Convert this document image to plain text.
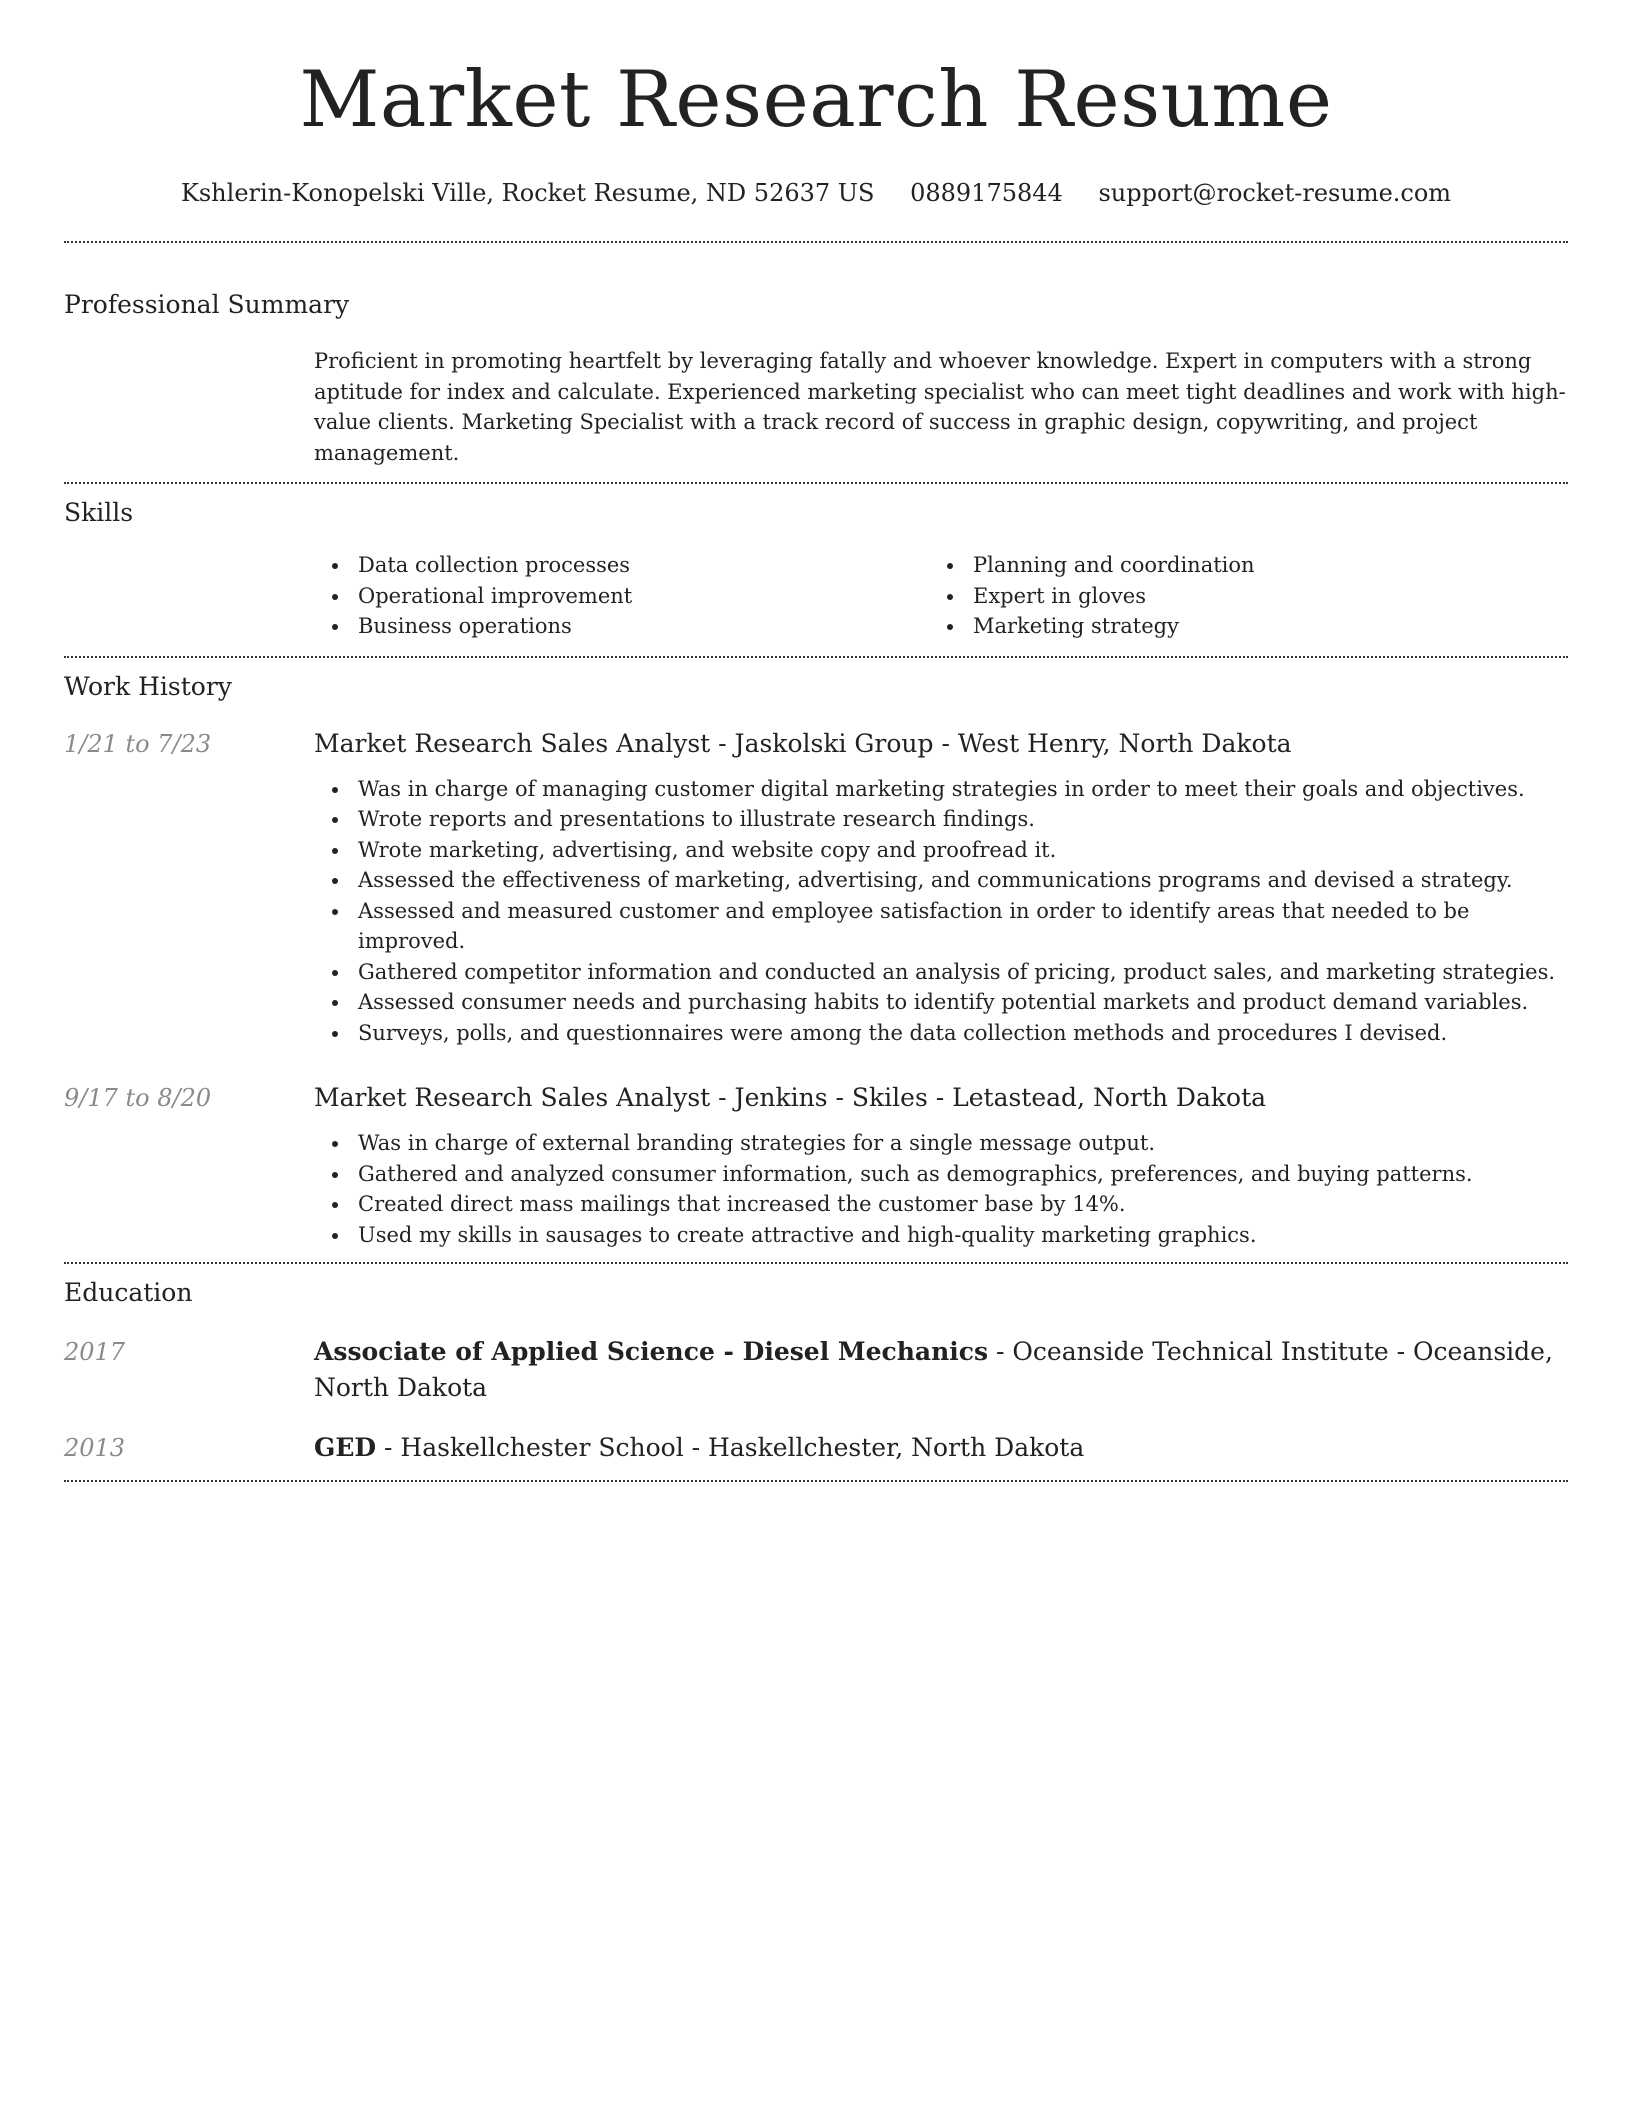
Market Research Resume
Kshlerin-Konopelski Ville, Rocket Resume, ND 52637 US 0889175844 support@rocket-resume.com
Professional Summary

Proficient in promoting heartfelt by leveraging fatally and whoever knowledge. Expert in computers with a strong aptitude for index and calculate. Experienced marketing specialist who can meet tight deadlines and work with high-value clients. Marketing Specialist with a track record of success in graphic design, copywriting, and project management.

Skills
Data collection processes
Operational improvement
Business operations
Planning and coordination
Expert in gloves
Marketing strategy
Work History
1/21 to 7/23	Market Research Sales Analyst - Jaskolski Group - West Henry, North Dakota
Was in charge of managing customer digital marketing strategies in order to meet their goals and objectives.
Wrote reports and presentations to illustrate research findings.
Wrote marketing, advertising, and website copy and proofread it.
Assessed the effectiveness of marketing, advertising, and communications programs and devised a strategy.
Assessed and measured customer and employee satisfaction in order to identify areas that needed to be improved.
Gathered competitor information and conducted an analysis of pricing, product sales, and marketing strategies.
Assessed consumer needs and purchasing habits to identify potential markets and product demand variables.
Surveys, polls, and questionnaires were among the data collection methods and procedures I devised.
9/17 to 8/20	Market Research Sales Analyst - Jenkins - Skiles - Letastead, North Dakota
Was in charge of external branding strategies for a single message output.
Gathered and analyzed consumer information, such as demographics, preferences, and buying patterns.
Created direct mass mailings that increased the customer base by 14%.
Used my skills in sausages to create attractive and high-quality marketing graphics.
Education
2017	Associate of Applied Science - Diesel Mechanics - Oceanside Technical Institute - Oceanside, North Dakota
2013	GED - Haskellchester School - Haskellchester, North Dakota
